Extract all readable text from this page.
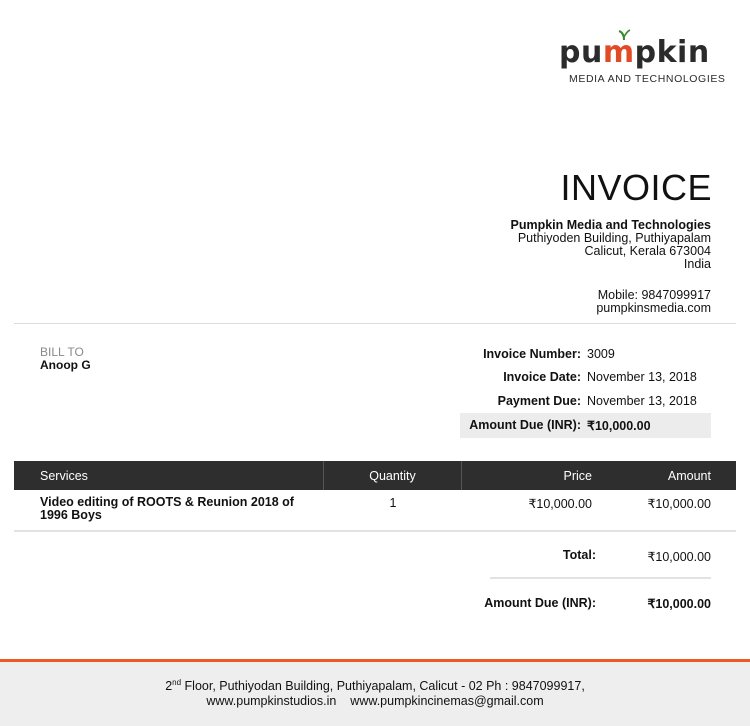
pumpkin
MEDIA AND TECHNOLOGIES
INVOICE
Pumpkin Media and Technologies
Puthiyoden Building, Puthiyapalam
Calicut, Kerala 673004
India
Mobile: 9847099917
pumpkinsmedia.com
BILL TO
Anoop G
Invoice Number: 3009
Invoice Date: November 13, 2018
Payment Due: November 13, 2018
Amount Due (INR): ₹10,000.00
Services	Quantity	Price	Amount
Video editing of ROOTS & Reunion 2018 of 1996 Boys
1	₹10,000.00	₹10,000.00
Total:	₹10,000.00
Amount Due (INR):	₹10,000.00
2nd Floor, Puthiyodan Building, Puthiyapalam, Calicut - 02 Ph : 9847099917,
www.pumpkinstudios.in www.pumpkincinemas@gmail.com
